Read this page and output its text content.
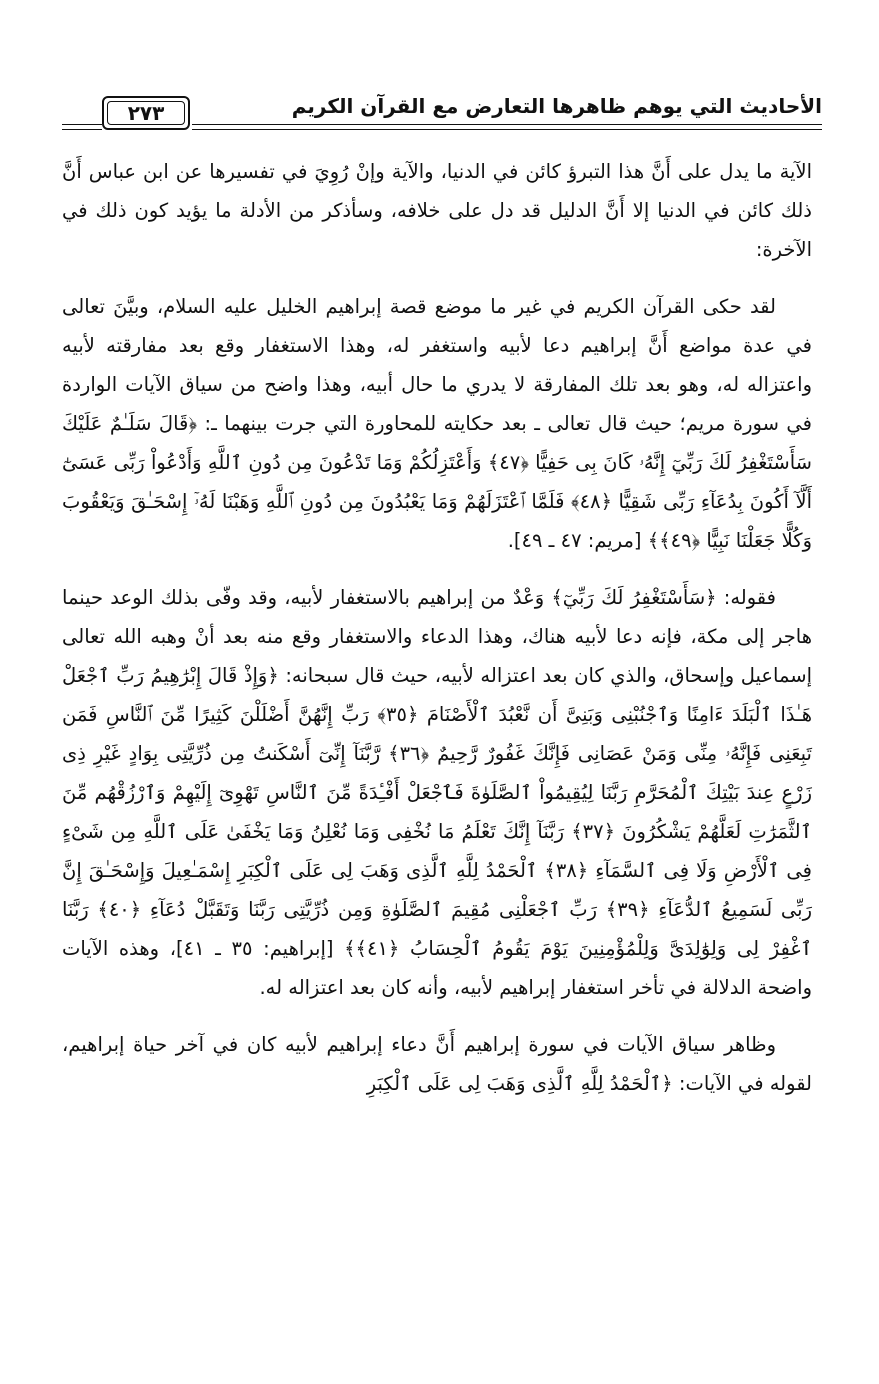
٢٧٣	الأحاديث التي يوهم ظاهرها التعارض مع القرآن الكريم

الآية ما يدل على أَنَّ هذا التبرؤ كائن في الدنيا، والآية وإنْ رُوِيَ في تفسيرها عن ابن عباس أَنَّ ذلك كائن في الدنيا إلا أَنَّ الدليل قد دل على خلافه، وسأذكر من الأدلة ما يؤيد كون ذلك في الآخرة:

لقد حكى القرآن الكريم في غير ما موضع قصة إبراهيم الخليل عليه السلام، وبيَّنَ تعالى في عدة مواضع أَنَّ إبراهيم دعا لأبيه واستغفر له، وهذا الاستغفار وقع بعد مفارقته لأبيه واعتزاله له، وهو بعد تلك المفارقة لا يدري ما حال أبيه، وهذا واضح من سياق الآيات الواردة في سورة مريم؛ حيث قال تعالى ـ بعد حكايته للمحاورة التي جرت بينهما ـ: ﴿قَالَ سَلَـٰمٌ عَلَيْكَ سَأَسْتَغْفِرُ لَكَ رَبِّيٓ إِنَّهُۥ كَانَ بِى حَفِيًّا ﴿٤٧﴾ وَأَعْتَزِلُكُمْ وَمَا تَدْعُونَ مِن دُونِ ٱللَّهِ وَأَدْعُواْ رَبِّى عَسَىٰٓ أَلَّآ أَكُونَ بِدُعَآءِ رَبِّى شَقِيًّا ﴿٤٨﴾ فَلَمَّا ٱعْتَزَلَهُمْ وَمَا يَعْبُدُونَ مِن دُونِ ٱللَّهِ وَهَبْنَا لَهُۥٓ إِسْحَـٰقَ وَيَعْقُوبَ وَكُلًّا جَعَلْنَا نَبِيًّا ﴿٤٩﴾﴾ [مريم: ٤٧ ـ ٤٩].

فقوله: ﴿سَأَسْتَغْفِرُ لَكَ رَبِّيٓ﴾ وَعْدٌ من إبراهيم بالاستغفار لأبيه، وقد وفّى بذلك الوعد حينما هاجر إلى مكة، فإنه دعا لأبيه هناك، وهذا الدعاء والاستغفار وقع منه بعد أنْ وهبه الله تعالى إسماعيل وإسحاق، والذي كان بعد اعتزاله لأبيه، حيث قال سبحانه: ﴿وَإِذْ قَالَ إِبْرَٰهِيمُ رَبِّ ٱجْعَلْ هَـٰذَا ٱلْبَلَدَ ءَامِنًا وَٱجْنُبْنِى وَبَنِىَّ أَن نَّعْبُدَ ٱلْأَصْنَامَ ﴿٣٥﴾ رَبِّ إِنَّهُنَّ أَضْلَلْنَ كَثِيرًا مِّنَ ٱلنَّاسِ فَمَن تَبِعَنِى فَإِنَّهُۥ مِنِّى وَمَنْ عَصَانِى فَإِنَّكَ غَفُورٌ رَّحِيمٌ ﴿٣٦﴾ رَّبَّنَآ إِنِّىٓ أَسْكَنتُ مِن ذُرِّيَّتِى بِوَادٍ غَيْرِ ذِى زَرْعٍ عِندَ بَيْتِكَ ٱلْمُحَرَّمِ رَبَّنَا لِيُقِيمُواْ ٱلصَّلَوٰةَ فَٱجْعَلْ أَفْـِٔدَةً مِّنَ ٱلنَّاسِ تَهْوِىٓ إِلَيْهِمْ وَٱرْزُقْهُم مِّنَ ٱلثَّمَرَٰتِ لَعَلَّهُمْ يَشْكُرُونَ ﴿٣٧﴾ رَبَّنَآ إِنَّكَ تَعْلَمُ مَا نُخْفِى وَمَا نُعْلِنُ وَمَا يَخْفَىٰ عَلَى ٱللَّهِ مِن شَىْءٍ فِى ٱلْأَرْضِ وَلَا فِى ٱلسَّمَآءِ ﴿٣٨﴾ ٱلْحَمْدُ لِلَّهِ ٱلَّذِى وَهَبَ لِى عَلَى ٱلْكِبَرِ إِسْمَـٰعِيلَ وَإِسْحَـٰقَ إِنَّ رَبِّى لَسَمِيعُ ٱلدُّعَآءِ ﴿٣٩﴾ رَبِّ ٱجْعَلْنِى مُقِيمَ ٱلصَّلَوٰةِ وَمِن ذُرِّيَّتِى رَبَّنَا وَتَقَبَّلْ دُعَآءِ ﴿٤٠﴾ رَبَّنَا ٱغْفِرْ لِى وَلِوَٰلِدَىَّ وَلِلْمُؤْمِنِينَ يَوْمَ يَقُومُ ٱلْحِسَابُ ﴿٤١﴾﴾ [إبراهيم: ٣٥ ـ ٤١]، وهذه الآيات واضحة الدلالة في تأخر استغفار إبراهيم لأبيه، وأنه كان بعد اعتزاله له.

وظاهر سياق الآيات في سورة إبراهيم أَنَّ دعاء إبراهيم لأبيه كان في آخر حياة إبراهيم، لقوله في الآيات: ﴿ٱلْحَمْدُ لِلَّهِ ٱلَّذِى وَهَبَ لِى عَلَى ٱلْكِبَرِ
